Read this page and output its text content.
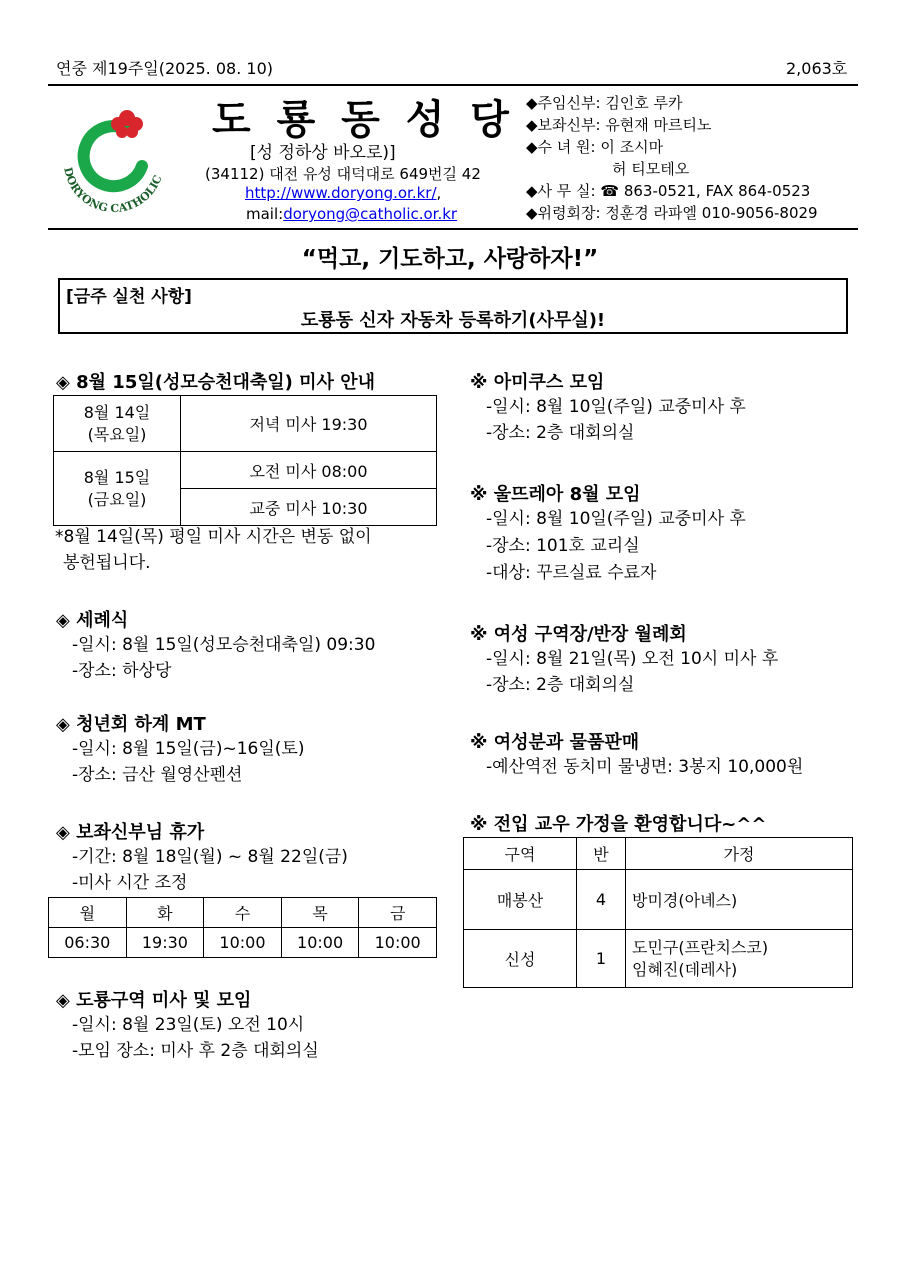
연중 제19주일(2025. 08. 10)	2,063호
DORYONG CATHOLIC
도 룡 동 성 당
[성 정하상 바오로)]
(34112) 대전 유성 대덕대로 649번길 42
http://www.doryong.or.kr/,
mail:doryong@catholic.or.kr
◆주임신부: 김인호 루카
◆보좌신부: 유현재 마르티노
◆수 녀 원: 이 조시마
허 티모테오
◆사 무 실: ☎ 863-0521, FAX 864-0523
◆위령회장: 정훈경 라파엘 010-9056-8029
“먹고, 기도하고, 사랑하자!”
[금주 실천 사항]
도룡동 신자 자동차 등록하기(사무실)!
◈ 8월 15일(성모승천대축일) 미사 안내
8월 14일
(목요일)	저녁 미사 19:30
8월 15일
(금요일)	오전 미사 08:00
	교중 미사 10:30
*8월 14일(목) 평일 미사 시간은 변동 없이
봉헌됩니다.
◈ 세례식
-일시: 8월 15일(성모승천대축일) 09:30
-장소: 하상당
◈ 청년회 하계 MT
-일시: 8월 15일(금)~16일(토)
-장소: 금산 월영산펜션
◈ 보좌신부님 휴가
-기간: 8월 18일(월) ~ 8월 22일(금)
-미사 시간 조정
월	화	수	목	금
06:30	19:30	10:00	10:00	10:00
◈ 도룡구역 미사 및 모임
-일시: 8월 23일(토) 오전 10시
-모임 장소: 미사 후 2층 대회의실
※ 아미쿠스 모임
-일시: 8월 10일(주일) 교중미사 후
-장소: 2층 대회의실
※ 울뜨레아 8월 모임
-일시: 8월 10일(주일) 교중미사 후
-장소: 101호 교리실
-대상: 꾸르실료 수료자
※ 여성 구역장/반장 월례회
-일시: 8월 21일(목) 오전 10시 미사 후
-장소: 2층 대회의실
※ 여성분과 물품판매
-예산역전 동치미 물냉면: 3봉지 10,000원
※ 전입 교우 가정을 환영합니다~^^
구역	반	가정
매봉산	4	방미경(아녜스)
신성	1	도민구(프란치스코)
임혜진(데레사)
